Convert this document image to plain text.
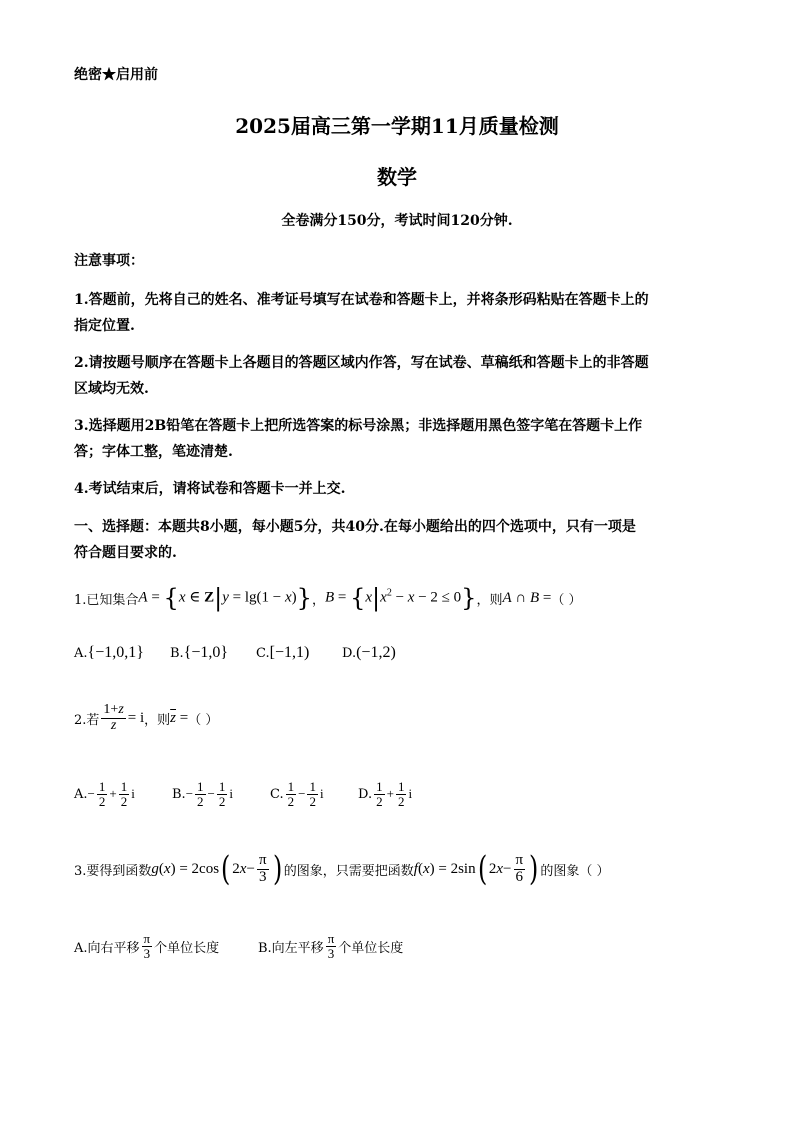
绝密★启用前
2025届高三第一学期11月质量检测
数学
全卷满分150分，考试时间120分钟.
注意事项：
1.答题前，先将自己的姓名、准考证号填写在试卷和答题卡上，并将条形码粘贴在答题卡上的
指定位置.
2.请按题号顺序在答题卡上各题目的答题区域内作答，写在试卷、草稿纸和答题卡上的非答题
区域均无效.
3.选择题用2B铅笔在答题卡上把所选答案的标号涂黑；非选择题用黑色签字笔在答题卡上作
答；字体工整，笔迹清楚.
4.考试结束后，请将试卷和答题卡一并上交.
一、选择题：本题共8小题，每小题5分，共40分.在每小题给出的四个选项中，只有一项是
符合题目要求的.
1.已知集合 A = {x ∈ Z|y = lg(1 − x)} ， $B = \{x|x^2 - x - 2 \le 0\}$ ，则 A ∩ B = （ ）
A.{−1,0,1}	B.{−1,0}	C.[−1,1)	D.(−1,2)
2.若 $\frac{1+z}{z} = i$ ，则 $\overline{z}$ = （ ）
A. − $\frac{1}{2} + \frac{1}{2}$ i	B. − $\frac{1}{2} - \frac{1}{2}$ i	C. $\frac{1}{2} - \frac{1}{2}$ i	D. $\frac{1}{2} + \frac{1}{2}$ i
3.要得到函数 g ( x ) = 2cos ( 2 $x - \frac{\pi}{3}$ ) 的图象，只需要把函数 f ( x ) = 2sin ( 2 $x - \frac{\pi}{6}$ ) 的图象（ ）
A.向右平移 $\frac{\pi}{3}$ 个单位长度	B.向左平移 $\frac{\pi}{3}$ 个单位长度
